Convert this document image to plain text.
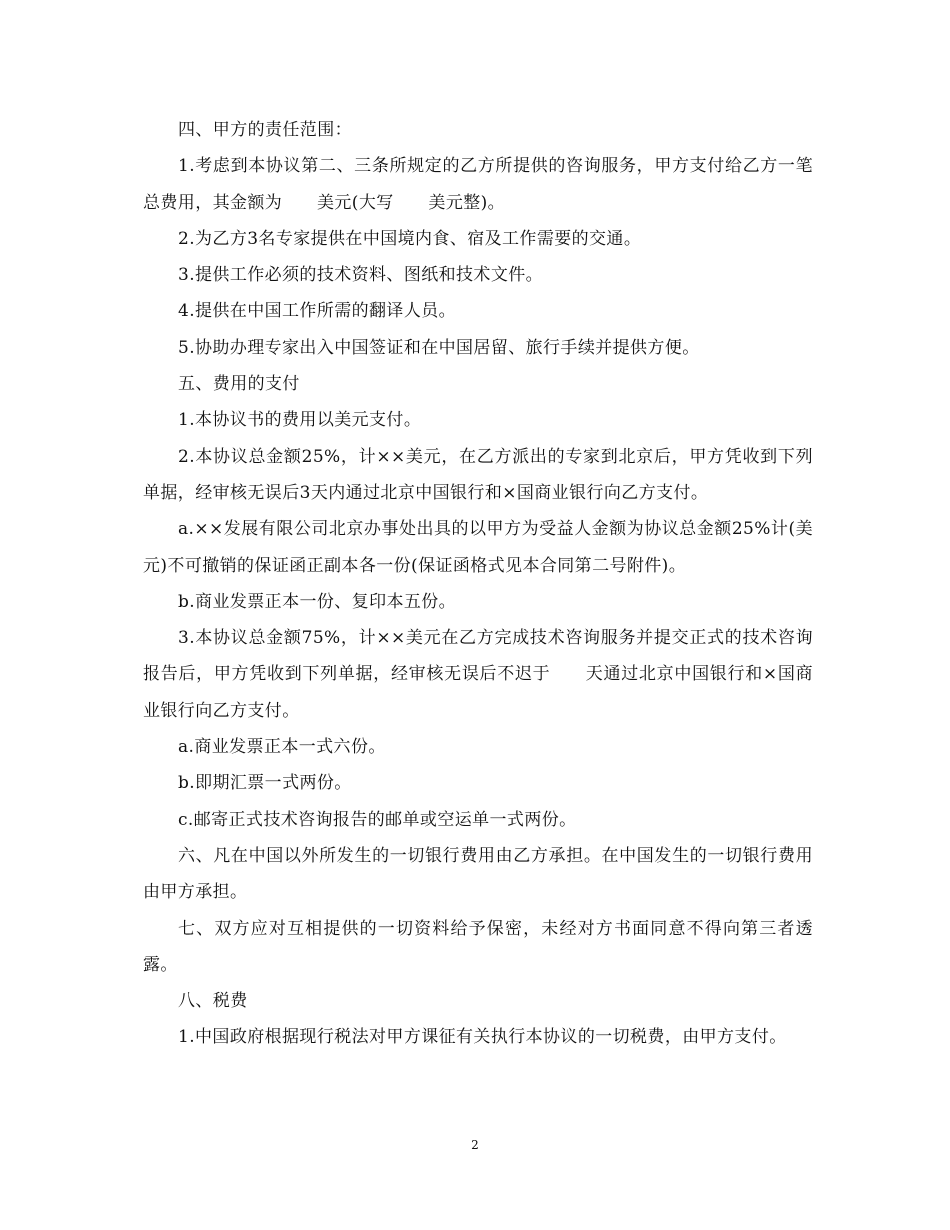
四、甲方的责任范围：

1.考虑到本协议第二、三条所规定的乙方所提供的咨询服务，甲方支付给乙方一笔总费用，其金额为　　美元(大写　　美元整)。

2.为乙方3名专家提供在中国境内食、宿及工作需要的交通。

3.提供工作必须的技术资料、图纸和技术文件。

4.提供在中国工作所需的翻译人员。

5.协助办理专家出入中国签证和在中国居留、旅行手续并提供方便。

五、费用的支付

1.本协议书的费用以美元支付。

2.本协议总金额25%，计××美元，在乙方派出的专家到北京后，甲方凭收到下列单据，经审核无误后3天内通过北京中国银行和×国商业银行向乙方支付。

a.××发展有限公司北京办事处出具的以甲方为受益人金额为协议总金额25%计(美元)不可撤销的保证函正副本各一份(保证函格式见本合同第二号附件)。

b.商业发票正本一份、复印本五份。

3.本协议总金额75%，计××美元在乙方完成技术咨询服务并提交正式的技术咨询报告后，甲方凭收到下列单据，经审核无误后不迟于　　天通过北京中国银行和×国商业银行向乙方支付。

a.商业发票正本一式六份。

b.即期汇票一式两份。

c.邮寄正式技术咨询报告的邮单或空运单一式两份。

六、凡在中国以外所发生的一切银行费用由乙方承担。在中国发生的一切银行费用由甲方承担。

七、双方应对互相提供的一切资料给予保密，未经对方书面同意不得向第三者透露。

八、税费

1.中国政府根据现行税法对甲方课征有关执行本协议的一切税费，由甲方支付。

2
